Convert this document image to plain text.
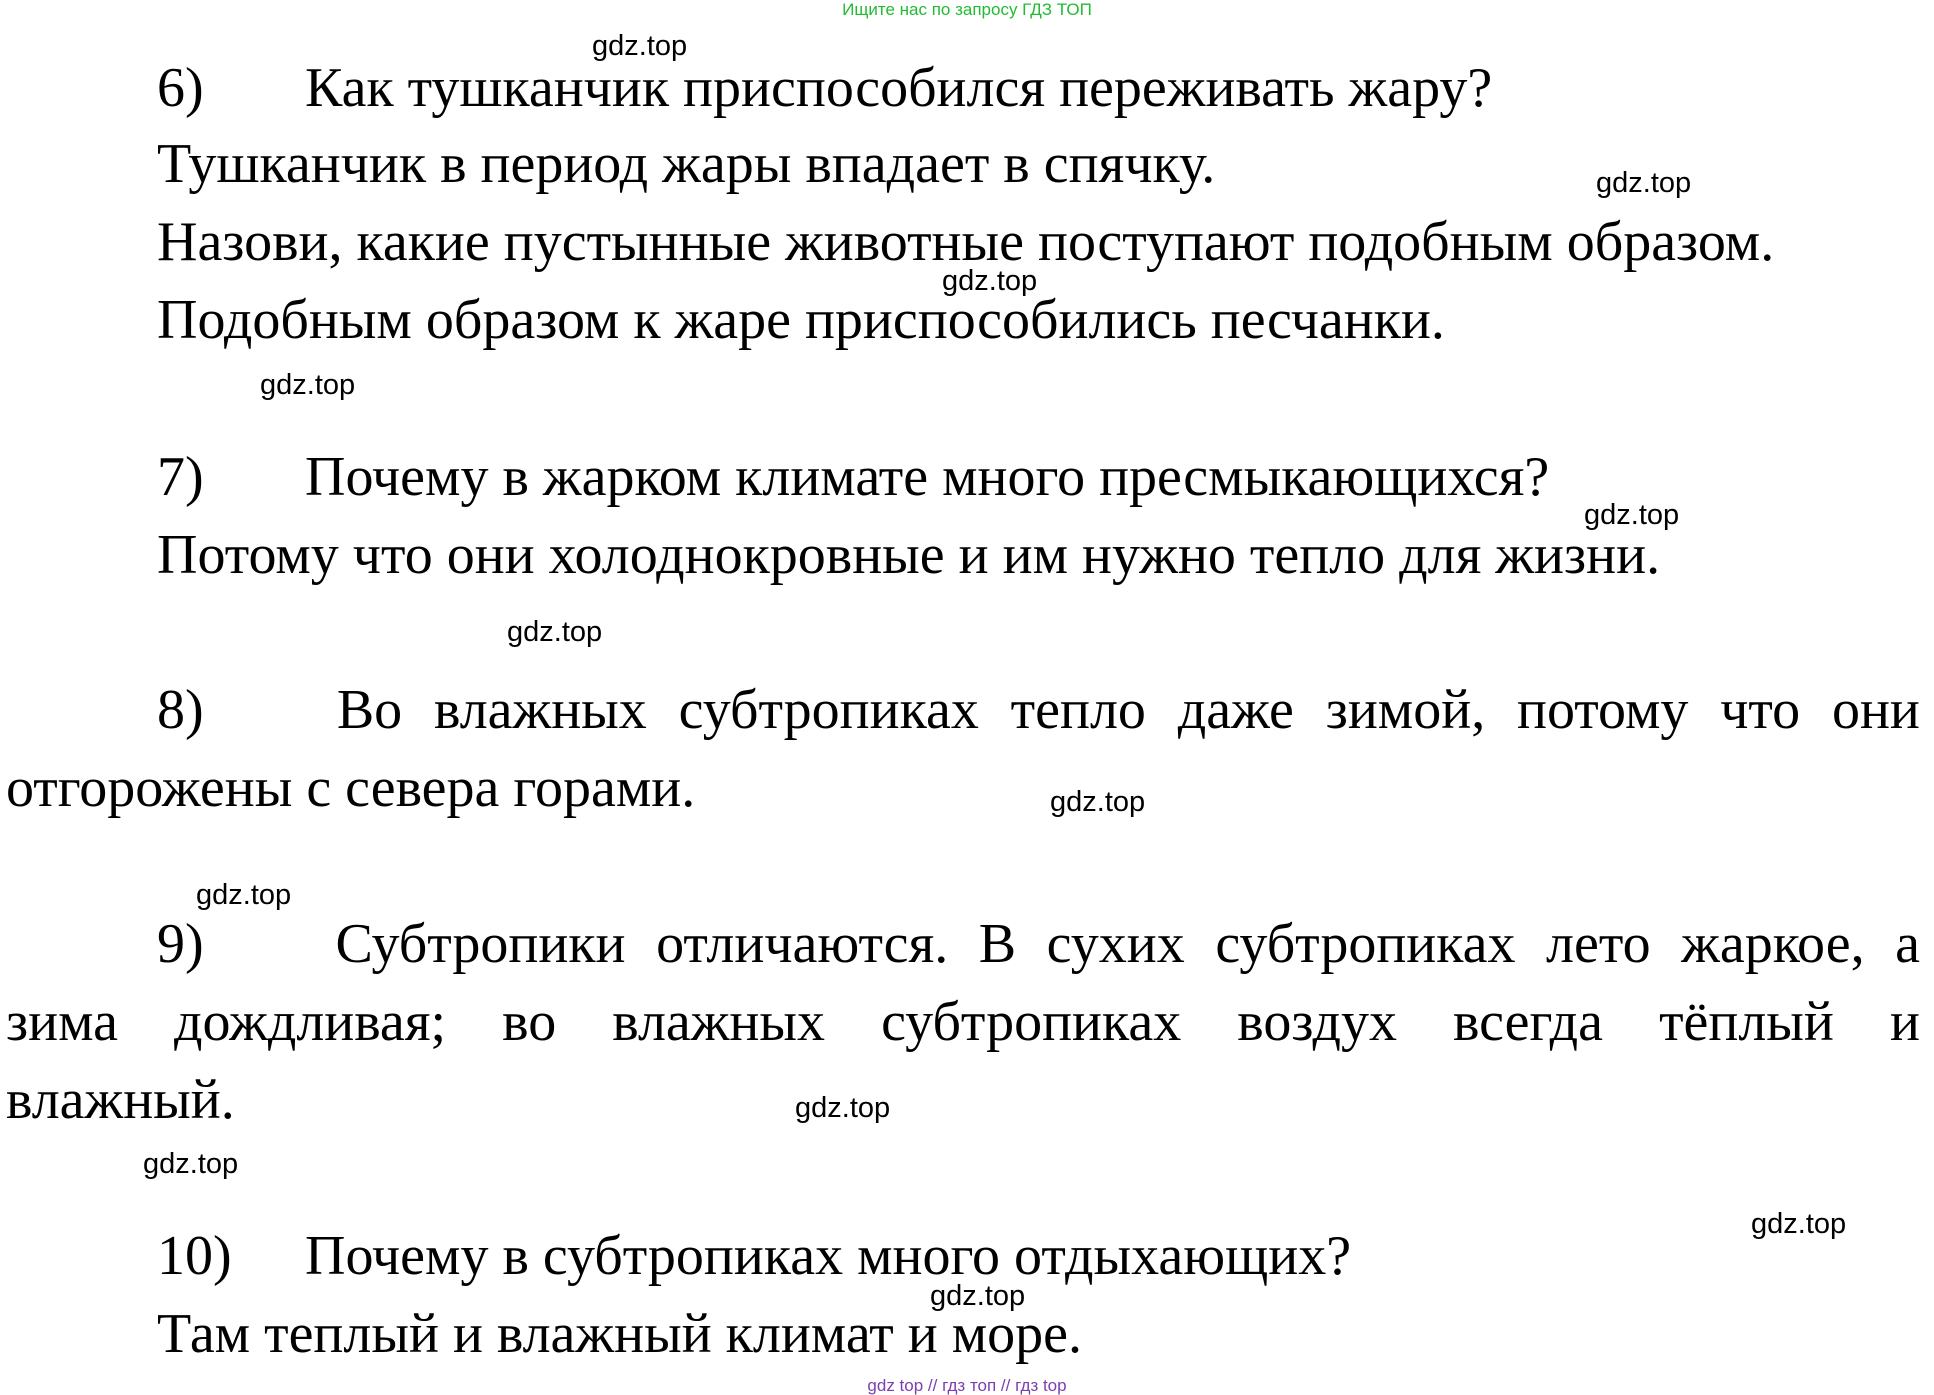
Ищите нас по запросу ГДЗ ТОП
6) Как тушканчик приспособился переживать жару?
Тушканчик в период жары впадает в спячку.
Назови, какие пустынные животные поступают подобным образом.
Подобным образом к жаре приспособились песчанки.
7) Почему в жарком климате много пресмыкающихся?
Потому что они холоднокровные и им нужно тепло для жизни.
8)	Во влажных субтропиках тепло даже зимой, потому что они
отгорожены с севера горами.
9)	Субтропики отличаются. В сухих субтропиках лето жаркое, а
зима дождливая; во влажных субтропиках воздух всегда тёплый и
влажный.
10) Почему в субтропиках много отдыхающих?
Там теплый и влажный климат и море.
gdz.top
gdz.top
gdz.top
gdz.top
gdz.top
gdz.top
gdz.top
gdz.top
gdz.top
gdz.top
gdz.top
gdz.top
gdz top // гдз топ // гдз top
